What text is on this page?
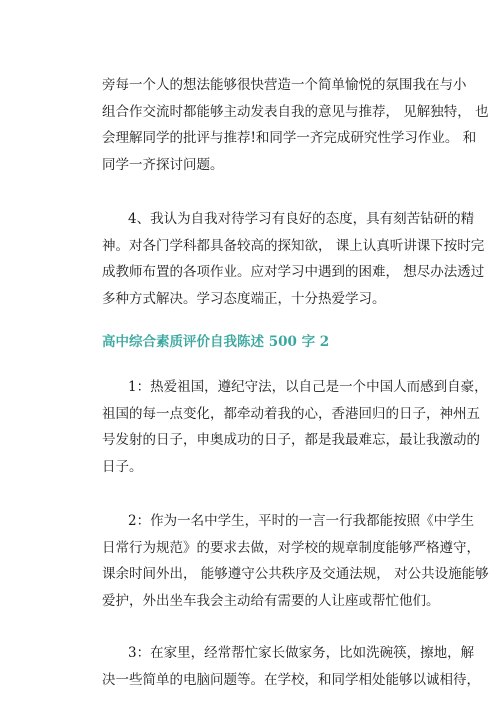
旁每一个人的想法能够很快营造一个简单愉悦的氛围我在与小
组合作交流时都能够主动发表自我的意见与推荐， 见解独特， 也
会理解同学的批评与推荐!和同学一齐完成研究性学习作业。 和
同学一齐探讨问题。

4、我认为自我对待学习有良好的态度，具有刻苦钻研的精
神。对各门学科都具备较高的探知欲， 课上认真听讲课下按时完
成教师布置的各项作业。应对学习中遇到的困难， 想尽办法透过
多种方式解决。学习态度端正，十分热爱学习。

高中综合素质评价自我陈述 500 字 2

1：热爱祖国，遵纪守法，以自己是一个中国人而感到自豪，
祖国的每一点变化，都牵动着我的心，香港回归的日子，神州五
号发射的日子，申奥成功的日子，都是我最难忘，最让我激动的
日子。

2：作为一名中学生，平时的一言一行我都能按照《中学生
日常行为规范》的要求去做，对学校的规章制度能够严格遵守，
课余时间外出， 能够遵守公共秩序及交通法规， 对公共设施能够
爱护，外出坐车我会主动给有需要的人让座或帮忙他们。

3：在家里，经常帮忙家长做家务，比如洗碗筷，擦地，解
决一些简单的电脑问题等。在学校，和同学相处能够以诚相待，
